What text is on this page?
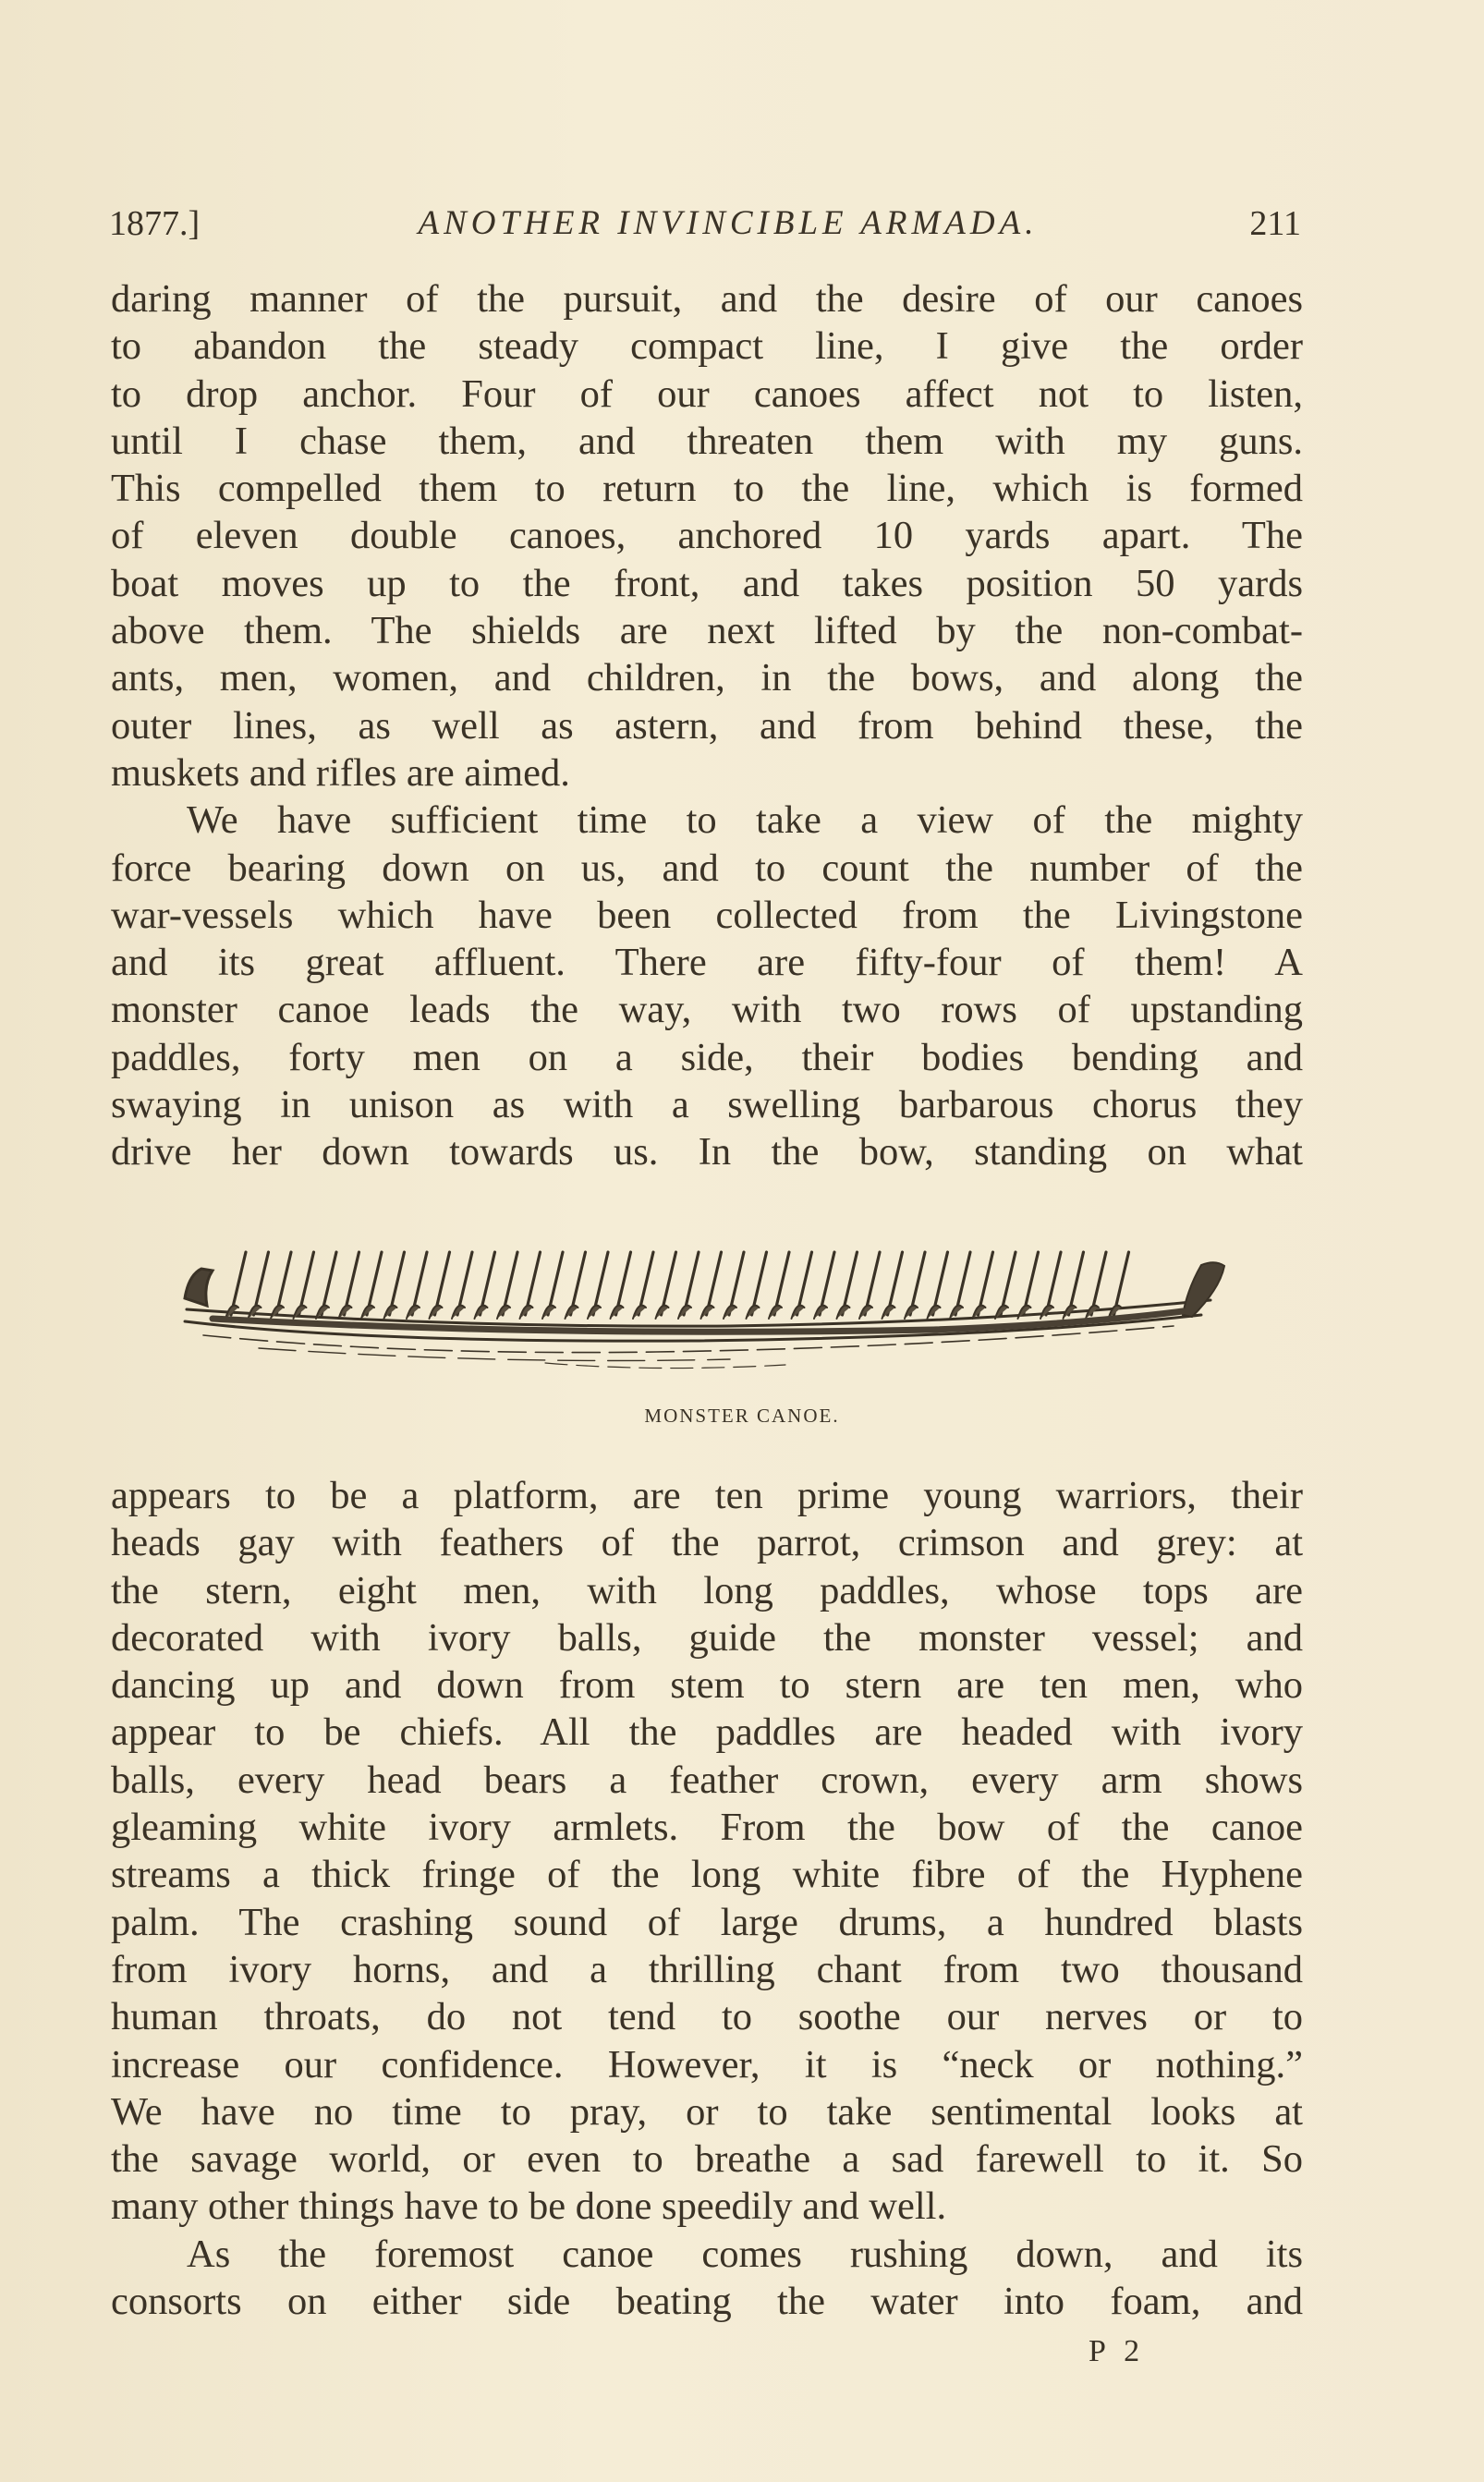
1877.]	ANOTHER INVINCIBLE ARMADA.	211
daring manner of the pursuit, and the desire of our canoes
to abandon the steady compact line, I give the order
to drop anchor. Four of our canoes affect not to listen,
until I chase them, and threaten them with my guns.
This compelled them to return to the line, which is formed
of eleven double canoes, anchored 10 yards apart. The
boat moves up to the front, and takes position 50 yards
above them. The shields are next lifted by the non-combat-
ants, men, women, and children, in the bows, and along the
outer lines, as well as astern, and from behind these, the
muskets and rifles are aimed.
We have sufficient time to take a view of the mighty
force bearing down on us, and to count the number of the
war-vessels which have been collected from the Livingstone
and its great affluent. There are fifty-four of them! A
monster canoe leads the way, with two rows of upstanding
paddles, forty men on a side, their bodies bending and
swaying in unison as with a swelling barbarous chorus they
drive her down towards us. In the bow, standing on what
MONSTER CANOE.
appears to be a platform, are ten prime young warriors, their
heads gay with feathers of the parrot, crimson and grey: at
the stern, eight men, with long paddles, whose tops are
decorated with ivory balls, guide the monster vessel; and
dancing up and down from stem to stern are ten men, who
appear to be chiefs. All the paddles are headed with ivory
balls, every head bears a feather crown, every arm shows
gleaming white ivory armlets. From the bow of the canoe
streams a thick fringe of the long white fibre of the Hyphene
palm. The crashing sound of large drums, a hundred blasts
from ivory horns, and a thrilling chant from two thousand
human throats, do not tend to soothe our nerves or to
increase our confidence. However, it is “neck or nothing.”
We have no time to pray, or to take sentimental looks at
the savage world, or even to breathe a sad farewell to it. So
many other things have to be done speedily and well.
As the foremost canoe comes rushing down, and its
consorts on either side beating the water into foam, and
P 2
